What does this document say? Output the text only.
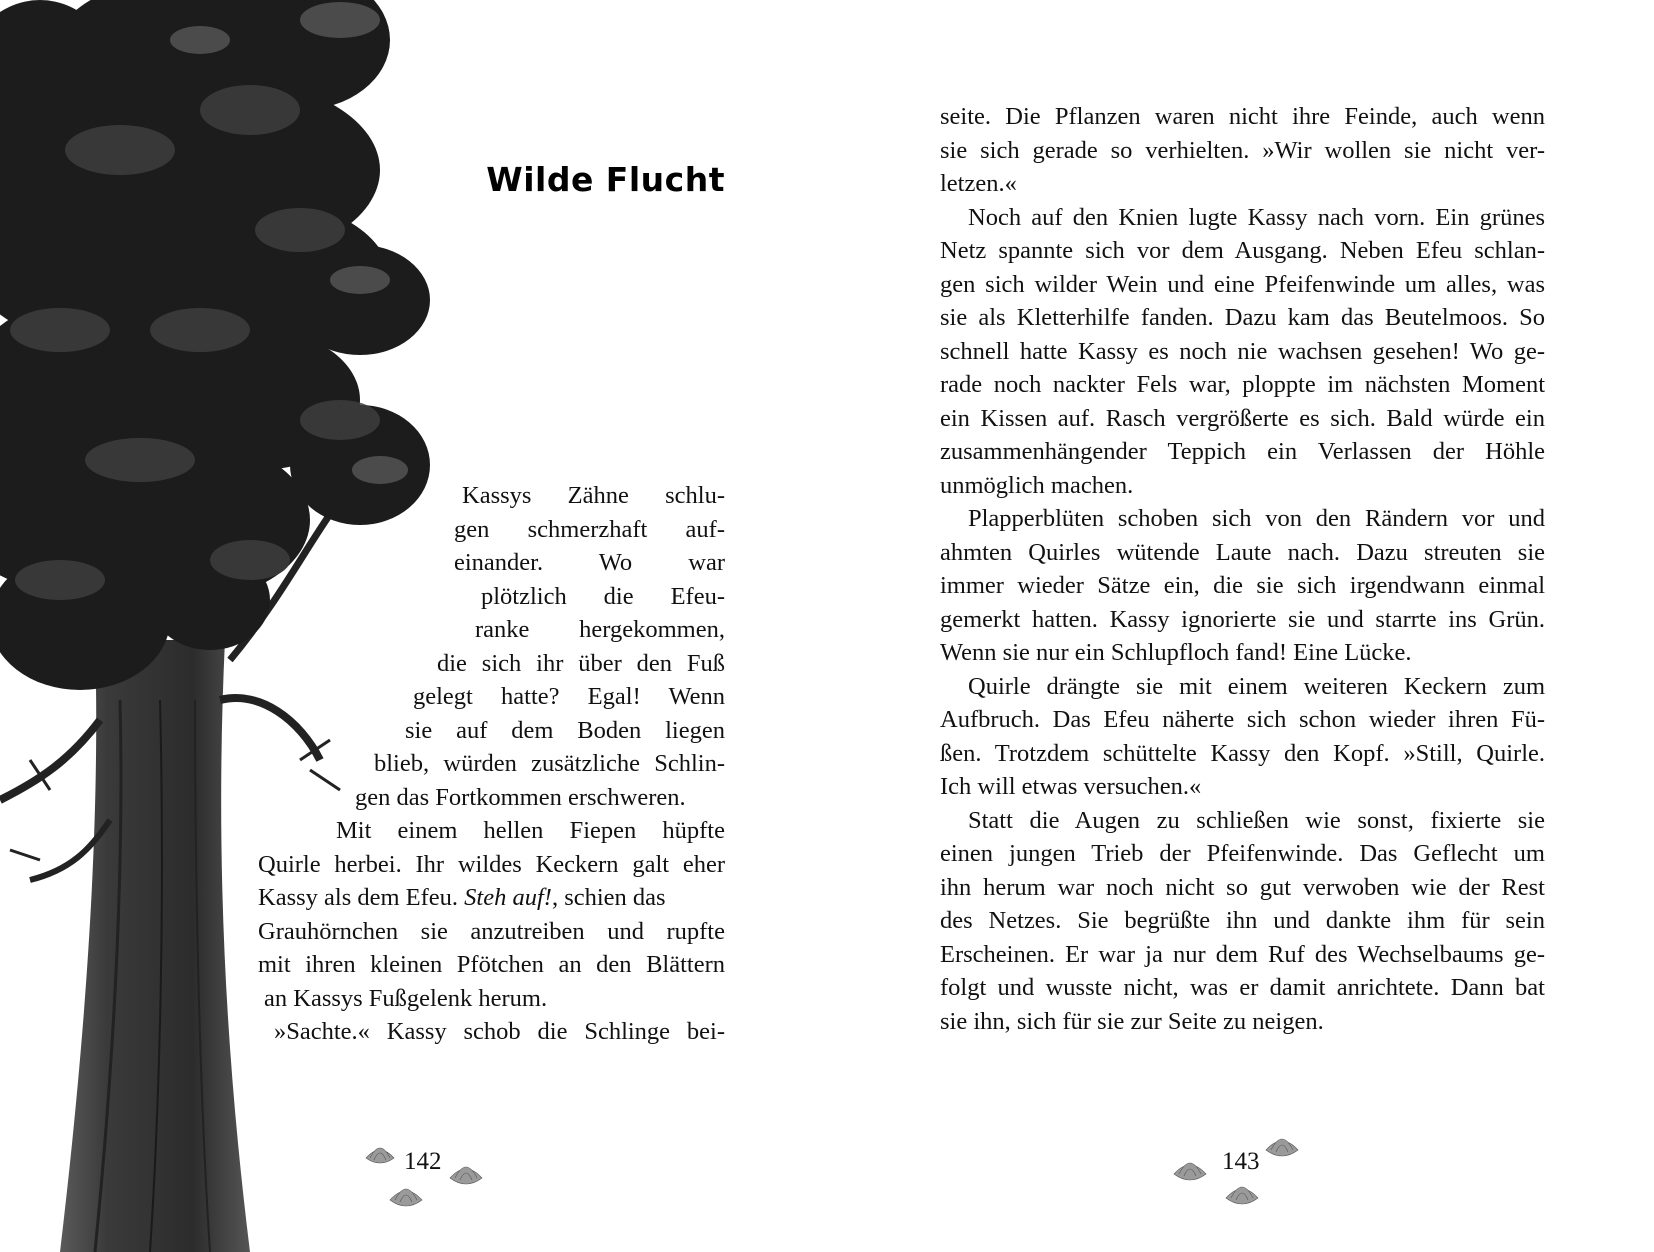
Wilde Flucht
Kassys Zähne schlu-
gen schmerzhaft auf-
einander. Wo war
plötzlich die Efeu-
ranke hergekommen,
die sich ihr über den Fuß
gelegt hatte? Egal! Wenn
sie auf dem Boden liegen
blieb, würden zusätzliche Schlin-
gen das Fortkommen erschweren.
Mit einem hellen Fiepen hüpfte
Quirle herbei. Ihr wildes Keckern galt eher
Kassy als dem Efeu. Steh auf!, schien das
Grauhörnchen sie anzutreiben und rupfte
mit ihren kleinen Pfötchen an den Blättern
an Kassys Fußgelenk herum.
»Sachte.« Kassy schob die Schlinge bei-
142
seite. Die Pflanzen waren nicht ihre Feinde, auch wenn
sie sich gerade so verhielten. »Wir wollen sie nicht ver-
letzen.«
Noch auf den Knien lugte Kassy nach vorn. Ein grünes
Netz spannte sich vor dem Ausgang. Neben Efeu schlan-
gen sich wilder Wein und eine Pfeifenwinde um alles, was
sie als Kletterhilfe fanden. Dazu kam das Beutelmoos. So
schnell hatte Kassy es noch nie wachsen gesehen! Wo ge-
rade noch nackter Fels war, ploppte im nächsten Moment
ein Kissen auf. Rasch vergrößerte es sich. Bald würde ein
zusammenhängender Teppich ein Verlassen der Höhle
unmöglich machen.
Plapperblüten schoben sich von den Rändern vor und
ahmten Quirles wütende Laute nach. Dazu streuten sie
immer wieder Sätze ein, die sie sich irgendwann einmal
gemerkt hatten. Kassy ignorierte sie und starrte ins Grün.
Wenn sie nur ein Schlupfloch fand! Eine Lücke.
Quirle drängte sie mit einem weiteren Keckern zum
Aufbruch. Das Efeu näherte sich schon wieder ihren Fü-
ßen. Trotzdem schüttelte Kassy den Kopf. »Still, Quirle.
Ich will etwas versuchen.«
Statt die Augen zu schließen wie sonst, fixierte sie
einen jungen Trieb der Pfeifenwinde. Das Geflecht um
ihn herum war noch nicht so gut verwoben wie der Rest
des Netzes. Sie begrüßte ihn und dankte ihm für sein
Erscheinen. Er war ja nur dem Ruf des Wechselbaums ge-
folgt und wusste nicht, was er damit anrichtete. Dann bat
sie ihn, sich für sie zur Seite zu neigen.
143
